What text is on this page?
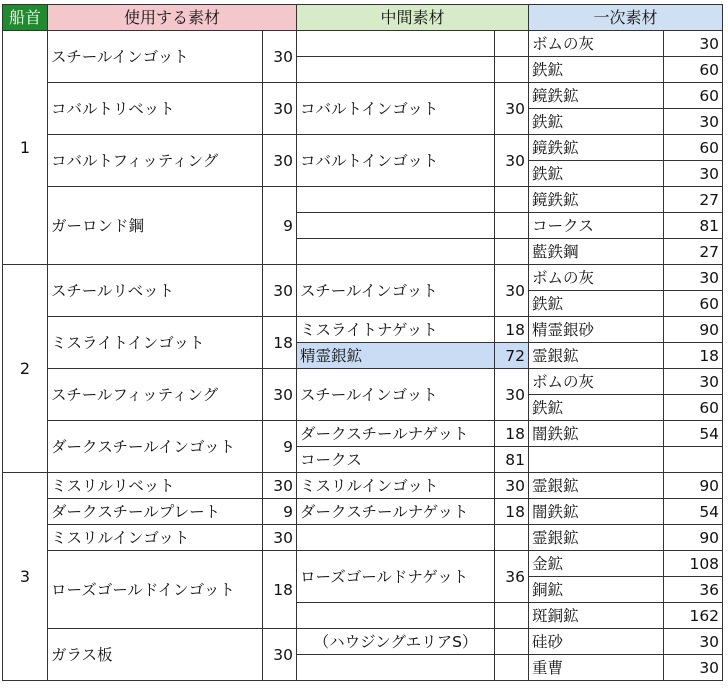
船首	使用する素材		中間素材		一次素材	
1	スチールインゴット	30			ボムの灰	30
					鉄鉱	60
	コバルトリベット	30	コバルトインゴット	30	鏡鉄鉱	60
					鉄鉱	30
	コバルトフィッティング	30	コバルトインゴット	30	鏡鉄鉱	60
					鉄鉱	30
	ガーロンド鋼	9			鏡鉄鉱	27
					コークス	81
					藍鉄鋼	27
2	スチールリベット	30	スチールインゴット	30	ボムの灰	30
					鉄鉱	60
	ミスライトインゴット	18	ミスライトナゲット	18	精霊銀砂	90
			精霊銀鉱	72	霊銀鉱	18
	スチールフィッティング	30	スチールインゴット	30	ボムの灰	30
					鉄鉱	60
	ダークスチールインゴット	9	ダークスチールナゲット	18	闇鉄鉱	54
			コークス	81		
3	ミスリルリベット	30	ミスリルインゴット	30	霊銀鉱	90
	ダークスチールプレート	9	ダークスチールナゲット	18	闇鉄鉱	54
	ミスリルインゴット	30			霊銀鉱	90
	ローズゴールドインゴット	18	ローズゴールドナゲット	36	金鉱	108
					銅鉱	36
					斑銅鉱	162
	ガラス板	30	（ハウジングエリアS）		硅砂	30
					重曹	30
